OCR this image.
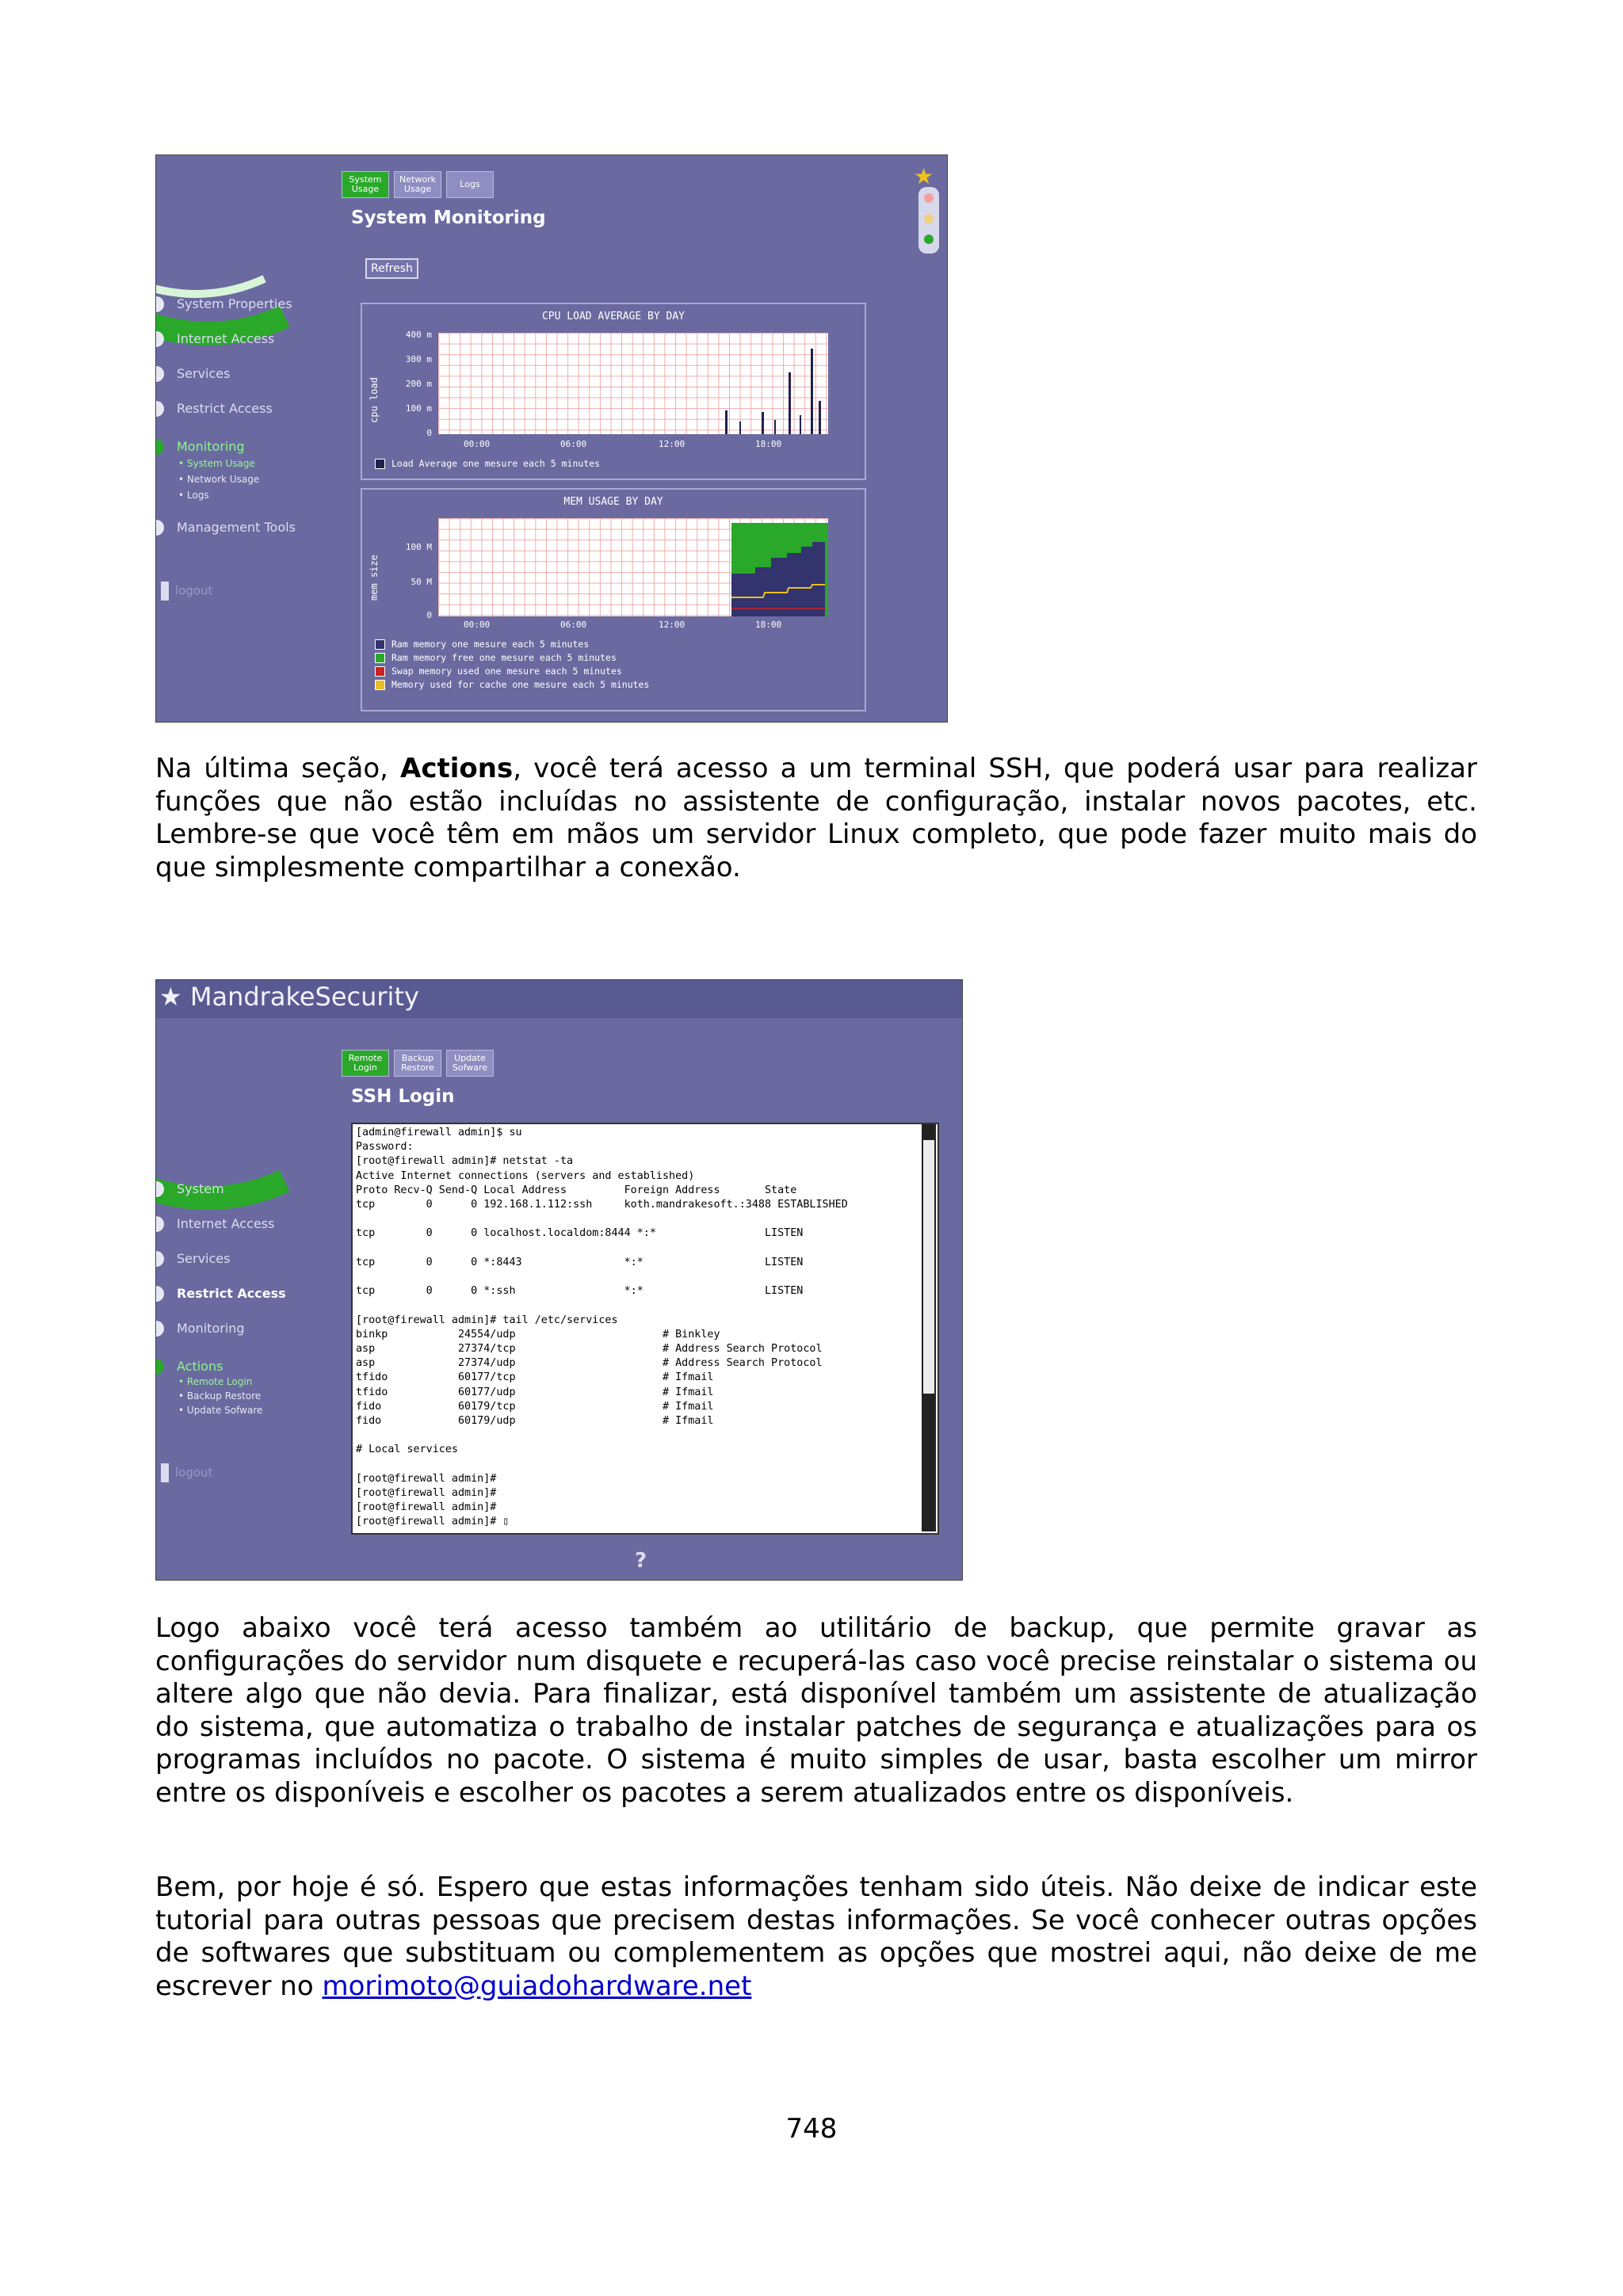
System Usage
Network Usage	Logs
System Monitoring
Refresh
★
System Properties
Internet Access
Services
Restrict Access
Monitoring
• System Usage
• Network Usage
• Logs
Management Tools
logout
CPU LOAD AVERAGE BY DAY
cpu load
400 m
300 m
200 m
100 m
0
00:00	06:00	12:00	18:00
Load Average one mesure each 5 minutes
MEM USAGE BY DAY
mem size
100 M
50 M
0
00:00	06:00	12:00	18:00
Ram memory one mesure each 5 minutes
Ram memory free one mesure each 5 minutes
Swap memory used one mesure each 5 minutes
Memory used for cache one mesure each 5 minutes

Na última seção, Actions, você terá acesso a um terminal SSH, que poderá usar para realizar funções que não estão incluídas no assistente de configuração, instalar novos pacotes, etc. Lembre-se que você têm em mãos um servidor Linux completo, que pode fazer muito mais do que simplesmente compartilhar a conexão.

★ MandrakeSecurity
Remote Login
Backup Restore
Update Sofware
SSH Login
System
Internet Access
Services
Restrict Access
Monitoring
Actions
• Remote Login
• Backup Restore
• Update Sofware
logout
[admin@firewall admin]$ su
Password:
[root@firewall admin]# netstat -ta
Active Internet connections (servers and established)
Proto Recv-Q Send-Q Local Address         Foreign Address       State
tcp        0      0 192.168.1.112:ssh     koth.mandrakesoft.:3488 ESTABLISHED

tcp        0      0 localhost.localdom:8444 *:*                 LISTEN

tcp        0      0 *:8443                *:*                   LISTEN

tcp        0      0 *:ssh                 *:*                   LISTEN

[root@firewall admin]# tail /etc/services
binkp           24554/udp                       # Binkley
asp             27374/tcp                       # Address Search Protocol
asp             27374/udp                       # Address Search Protocol
tfido           60177/tcp                       # Ifmail
tfido           60177/udp                       # Ifmail
fido            60179/tcp                       # Ifmail
fido            60179/udp                       # Ifmail

# Local services

[root@firewall admin]#
[root@firewall admin]#
[root@firewall admin]#
[root@firewall admin]# ▯
?

Logo abaixo você terá acesso também ao utilitário de backup, que permite gravar as configurações do servidor num disquete e recuperá-las caso você precise reinstalar o sistema ou altere algo que não devia. Para finalizar, está disponível também um assistente de atualização do sistema, que automatiza o trabalho de instalar patches de segurança e atualizações para os programas incluídos no pacote. O sistema é muito simples de usar, basta escolher um mirror entre os disponíveis e escolher os pacotes a serem atualizados entre os disponíveis.

Bem, por hoje é só. Espero que estas informações tenham sido úteis. Não deixe de indicar este tutorial para outras pessoas que precisem destas informações. Se você conhecer outras opções de softwares que substituam ou complementem as opções que mostrei aqui, não deixe de me escrever no morimoto@guiadohardware.net

748
